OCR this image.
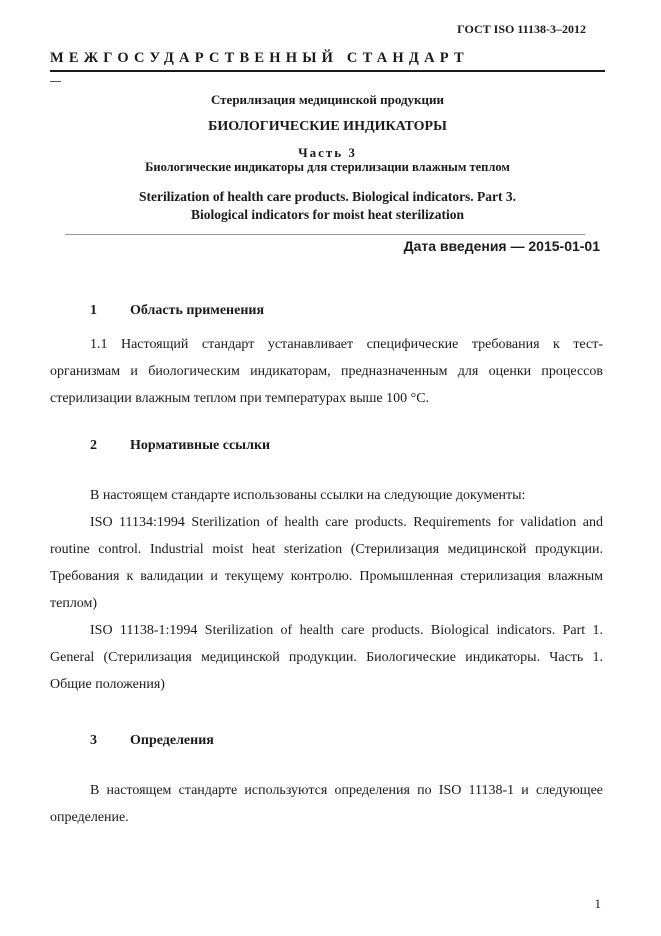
ГОСТ ISO 11138-3–2012
МЕЖГОСУДАРСТВЕННЫЙ СТАНДАРТ
Стерилизация медицинской продукции
БИОЛОГИЧЕСКИЕ ИНДИКАТОРЫ
Часть 3
Биологические индикаторы для стерилизации влажным теплом
Sterilization of health care products. Biological indicators. Part 3.
Biological indicators for moist heat sterilization
Дата введения — 2015-01-01
1 Область применения
1.1 Настоящий стандарт устанавливает специфические требования к тест-организмам и биологическим индикаторам, предназначенным для оценки процессов стерилизации влажным теплом при температурах выше 100 °С.
2 Нормативные ссылки
В настоящем стандарте использованы ссылки на следующие документы:
ISO 11134:1994 Sterilization of health care products. Requirements for validation and routine control. Industrial moist heat sterization (Стерилизация медицинской продукции. Требования к валидации и текущему контролю. Промышленная стерилизация влажным теплом)
ISO 11138-1:1994 Sterilization of health care products. Biological indicators. Part 1. General (Стерилизация медицинской продукции. Биологические индикаторы. Часть 1. Общие положения)
3 Определения
В настоящем стандарте используются определения по ISO 11138-1 и следующее определение.
1
